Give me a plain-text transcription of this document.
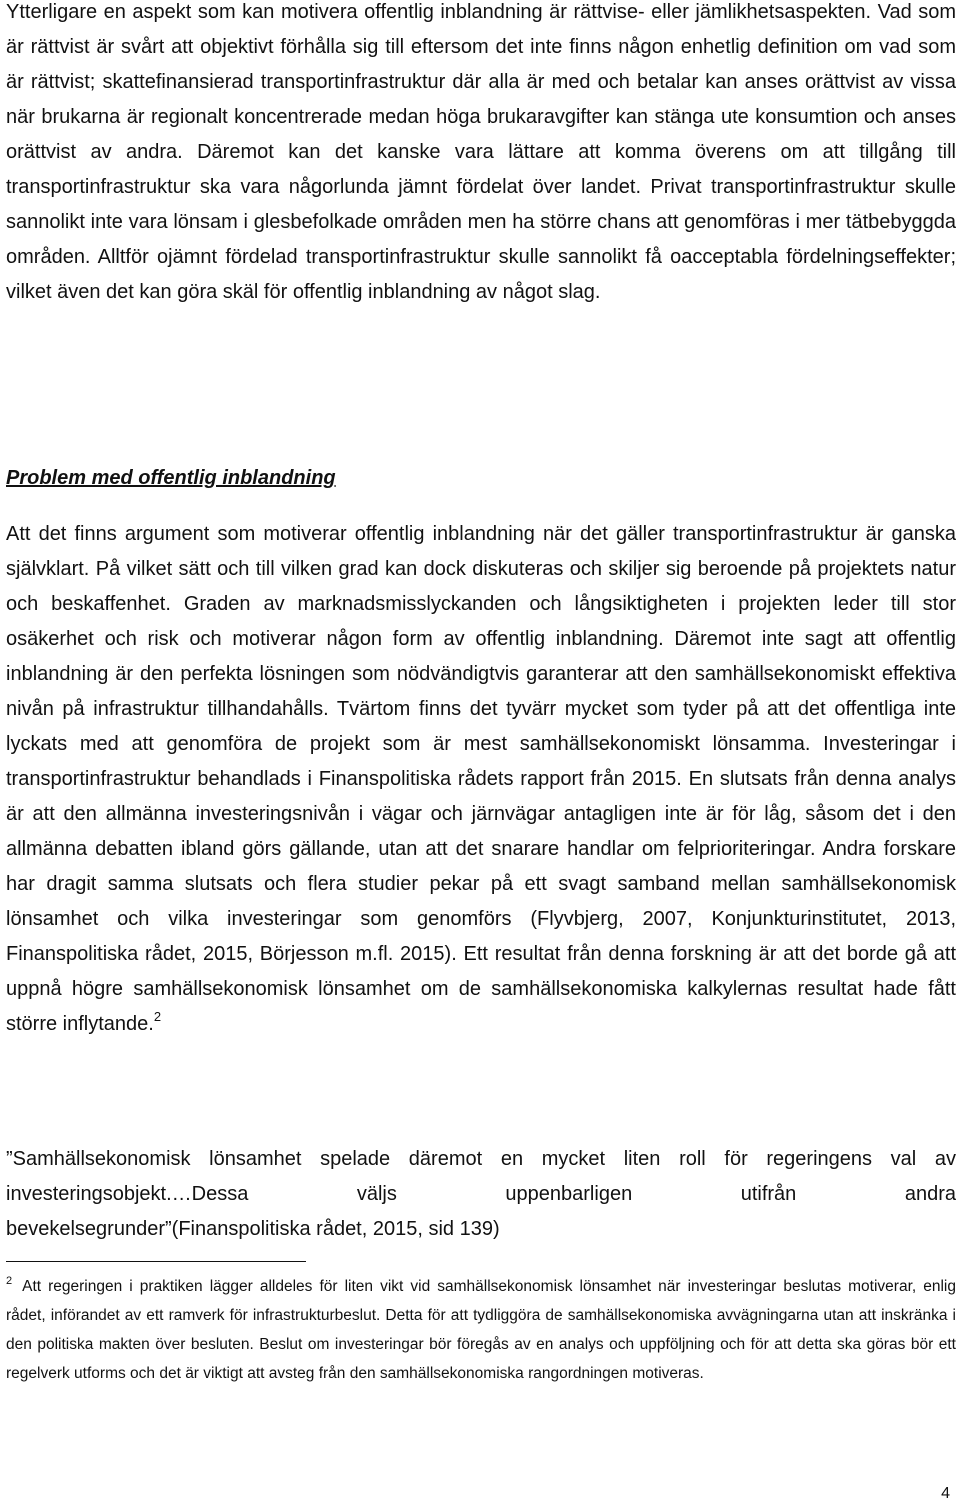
Ytterligare en aspekt som kan motivera offentlig inblandning är rättvise- eller jämlikhetsaspekten. Vad som är rättvist är svårt att objektivt förhålla sig till eftersom det inte finns någon enhetlig definition om vad som är rättvist; skattefinansierad transportinfrastruktur där alla är med och betalar kan anses orättvist av vissa när brukarna är regionalt koncentrerade medan höga brukaravgifter kan stänga ute konsumtion och anses orättvist av andra. Däremot kan det kanske vara lättare att komma överens om att tillgång till transportinfrastruktur ska vara någorlunda jämnt fördelat över landet. Privat transportinfrastruktur skulle sannolikt inte vara lönsam i glesbefolkade områden men ha större chans att genomföras i mer tätbebyggda områden. Alltför ojämnt fördelad transportinfrastruktur skulle sannolikt få oacceptabla fördelningseffekter; vilket även det kan göra skäl för offentlig inblandning av något slag.

Problem med offentlig inblandning

Att det finns argument som motiverar offentlig inblandning när det gäller transportinfrastruktur är ganska självklart. På vilket sätt och till vilken grad kan dock diskuteras och skiljer sig beroende på projektets natur och beskaffenhet. Graden av marknadsmisslyckanden och långsiktigheten i projekten leder till stor osäkerhet och risk och motiverar någon form av offentlig inblandning. Däremot inte sagt att offentlig inblandning är den perfekta lösningen som nödvändigtvis garanterar att den samhällsekonomiskt effektiva nivån på infrastruktur tillhandahålls. Tvärtom finns det tyvärr mycket som tyder på att det offentliga inte lyckats med att genomföra de projekt som är mest samhällsekonomiskt lönsamma. Investeringar i transportinfrastruktur behandlads i Finanspolitiska rådets rapport från 2015. En slutsats från denna analys är att den allmänna investeringsnivån i vägar och järnvägar antagligen inte är för låg, såsom det i den allmänna debatten ibland görs gällande, utan att det snarare handlar om felprioriteringar. Andra forskare har dragit samma slutsats och flera studier pekar på ett svagt samband mellan samhällsekonomisk lönsamhet och vilka investeringar som genomförs (Flyvbjerg, 2007, Konjunkturinstitutet, 2013, Finanspolitiska rådet, 2015, Börjesson m.fl. 2015). Ett resultat från denna forskning är att det borde gå att uppnå högre samhällsekonomisk lönsamhet om de samhällsekonomiska kalkylernas resultat hade fått större inflytande.$^2$

”Samhällsekonomisk lönsamhet spelade däremot en mycket liten roll för regeringens val av
investeringsobjekt.…Dessa väljs uppenbarligen utifrån andra
bevekelsegrunder”(Finanspolitiska rådet, 2015, sid 139)

$^2$ Att regeringen i praktiken lägger alldeles för liten vikt vid samhällsekonomisk lönsamhet när investeringar beslutas motiverar, enlig rådet, införandet av ett ramverk för infrastrukturbeslut. Detta för att tydliggöra de samhällsekonomiska avvägningarna utan att inskränka i den politiska makten över besluten. Beslut om investeringar bör föregås av en analys och uppföljning och för att detta ska göras bör ett regelverk utforms och det är viktigt att avsteg från den samhällsekonomiska rangordningen motiveras.

4
